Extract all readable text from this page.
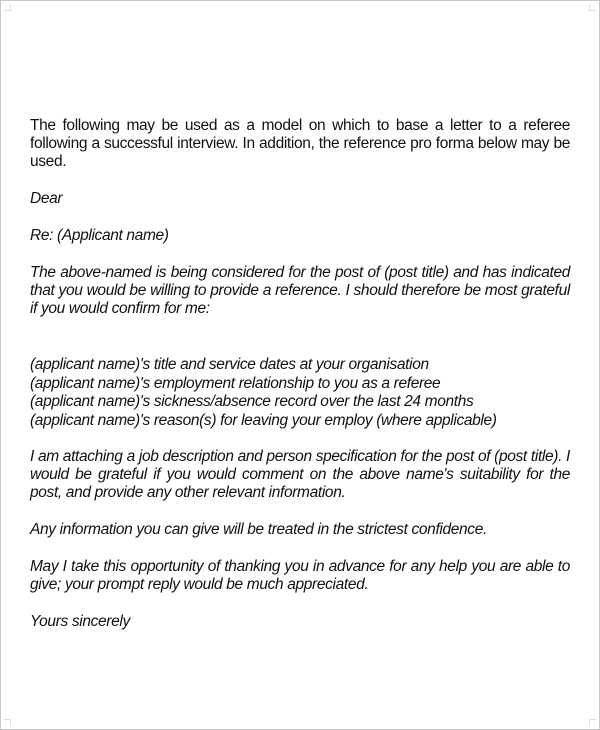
The following may be used as a model on which to base a letter to a referee following a successful interview. In addition, the reference pro forma below may be used.

Dear

Re: (Applicant name)

The above-named is being considered for the post of (post title) and has indicated that you would be willing to provide a reference. I should therefore be most grateful if you would confirm for me:

(applicant name)'s title and service dates at your organisation

(applicant name)'s employment relationship to you as a referee

(applicant name)'s sickness/absence record over the last 24 months

(applicant name)'s reason(s) for leaving your employ (where applicable)

I am attaching a job description and person specification for the post of (post title). I would be grateful if you would comment on the above name's suitability for the post, and provide any other relevant information.

Any information you can give will be treated in the strictest confidence.

May I take this opportunity of thanking you in advance for any help you are able to give; your prompt reply would be much appreciated.

Yours sincerely
